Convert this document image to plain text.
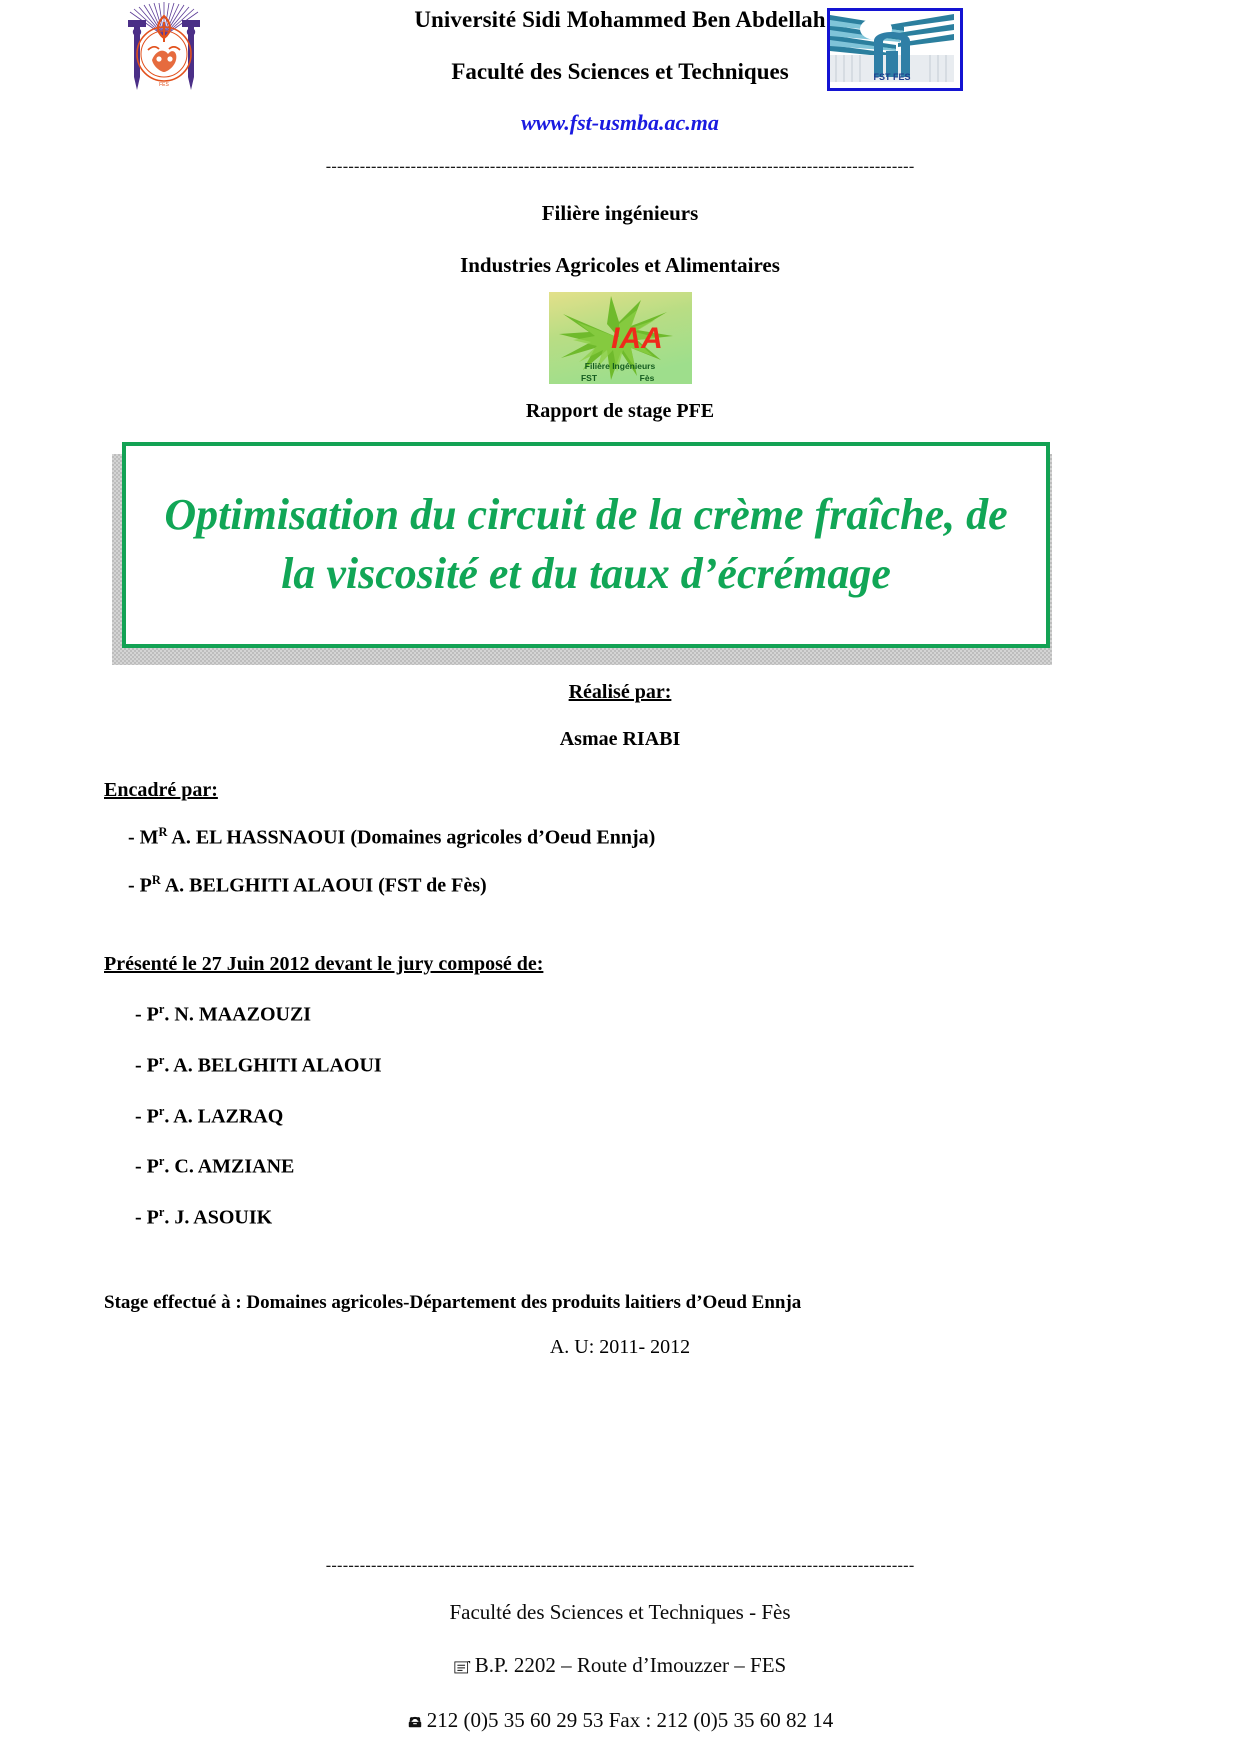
FES
Université Sidi Mohammed Ben Abdellah
Faculté des Sciences et Techniques
www.fst-usmba.ac.ma
FST FES
--------------------------------------------------------------------------------------------------------
Filière ingénieurs
Industries Agricoles et Alimentaires
IAA
Filière Ingénieurs
FST	Fès
Rapport de stage PFE
Optimisation du circuit de la crème fraîche, de la viscosité et du taux d’écrémage
Réalisé par:
Asmae RIABI
Encadré par:
- $M^R$ A. EL HASSNAOUI (Domaines agricoles d’Oeud Ennja)
- $P^R$ A. BELGHITI ALAOUI (FST de Fès)
Présenté le 27 Juin 2012 devant le jury composé de:
- $P^r$. N. MAAZOUZI
- $P^r$. A. BELGHITI ALAOUI
- $P^r$. A. LAZRAQ
- $P^r$. C. AMZIANE
- $P^r$. J. ASOUIK
Stage effectué à : Domaines agricoles-Département des produits laitiers d’Oeud Ennja
A. U: 2011- 2012
--------------------------------------------------------------------------------------------------------
Faculté des Sciences et Techniques - Fès
B.P. 2202 – Route d’Imouzzer – FES
212 (0)5 35 60 29 53 Fax : 212 (0)5 35 60 82 14
